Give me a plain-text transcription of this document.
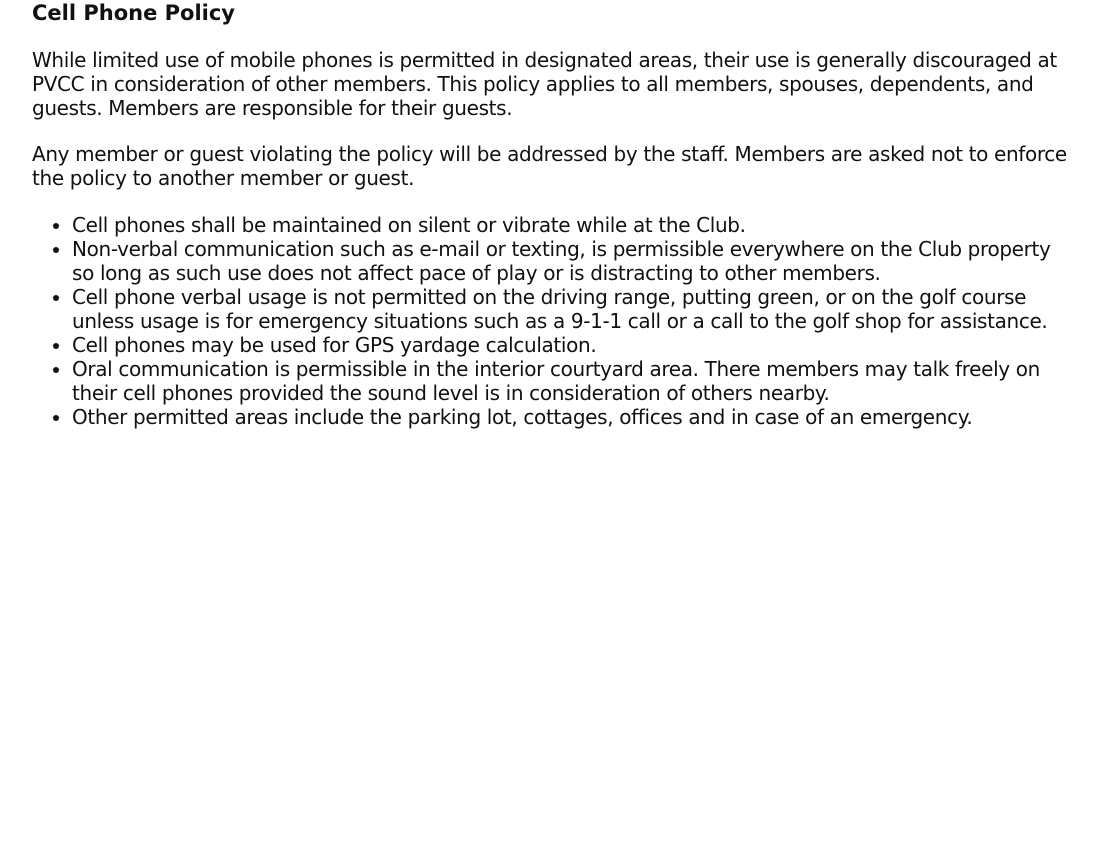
Cell Phone Policy

While limited use of mobile phones is permitted in designated areas, their use is generally discouraged at PVCC in consideration of other members. This policy applies to all members, spouses, dependents, and guests. Members are responsible for their guests.

Any member or guest violating the policy will be addressed by the staff. Members are asked not to enforce the policy to another member or guest.

• Cell phones shall be maintained on silent or vibrate while at the Club.
• Non-verbal communication such as e-mail or texting, is permissible everywhere on the Club property so long as such use does not affect pace of play or is distracting to other members.
• Cell phone verbal usage is not permitted on the driving range, putting green, or on the golf course unless usage is for emergency situations such as a 9-1-1 call or a call to the golf shop for assistance.
• Cell phones may be used for GPS yardage calculation.
• Oral communication is permissible in the interior courtyard area. There members may talk freely on their cell phones provided the sound level is in consideration of others nearby.
• Other permitted areas include the parking lot, cottages, offices and in case of an emergency.
